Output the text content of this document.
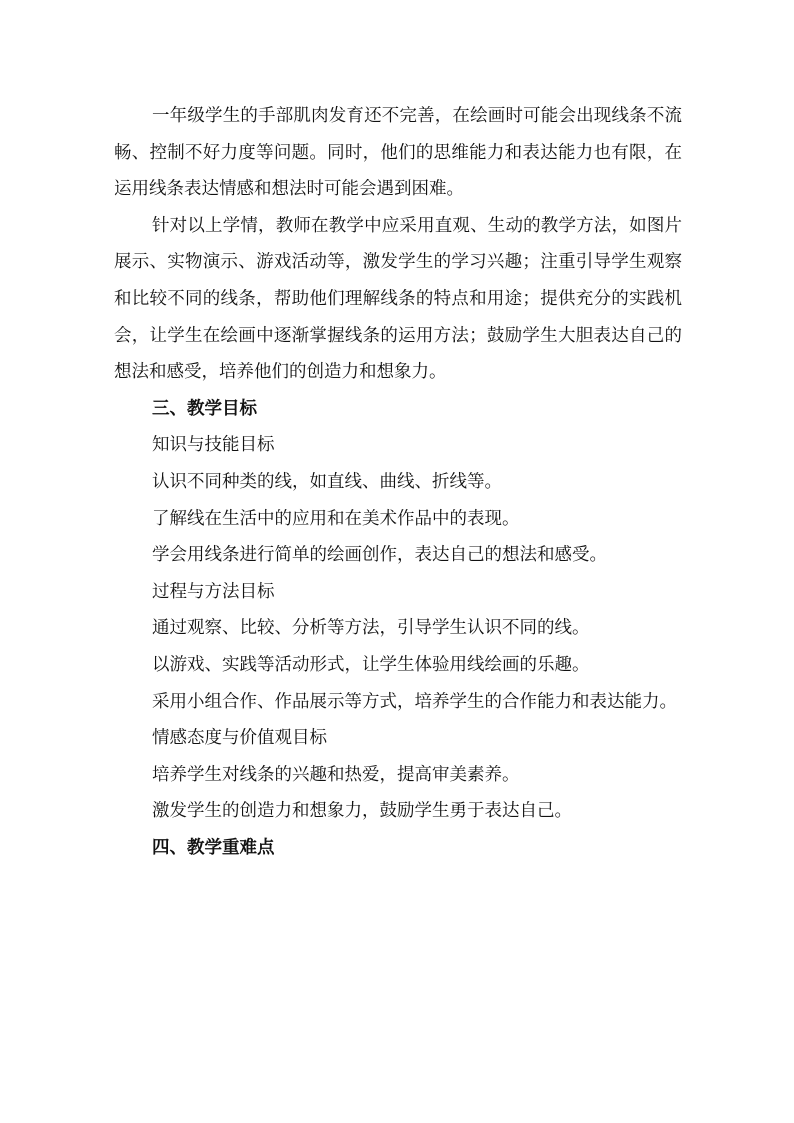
一年级学生的手部肌肉发育还不完善，在绘画时可能会出现线条不流畅、控制不好力度等问题。同时，他们的思维能力和表达能力也有限，在运用线条表达情感和想法时可能会遇到困难。

针对以上学情，教师在教学中应采用直观、生动的教学方法，如图片展示、实物演示、游戏活动等，激发学生的学习兴趣；注重引导学生观察和比较不同的线条，帮助他们理解线条的特点和用途；提供充分的实践机会，让学生在绘画中逐渐掌握线条的运用方法；鼓励学生大胆表达自己的想法和感受，培养他们的创造力和想象力。

三、教学目标

知识与技能目标

认识不同种类的线，如直线、曲线、折线等。

了解线在生活中的应用和在美术作品中的表现。

学会用线条进行简单的绘画创作，表达自己的想法和感受。

过程与方法目标

通过观察、比较、分析等方法，引导学生认识不同的线。

以游戏、实践等活动形式，让学生体验用线绘画的乐趣。

采用小组合作、作品展示等方式，培养学生的合作能力和表达能力。

情感态度与价值观目标

培养学生对线条的兴趣和热爱，提高审美素养。

激发学生的创造力和想象力，鼓励学生勇于表达自己。

四、教学重难点
